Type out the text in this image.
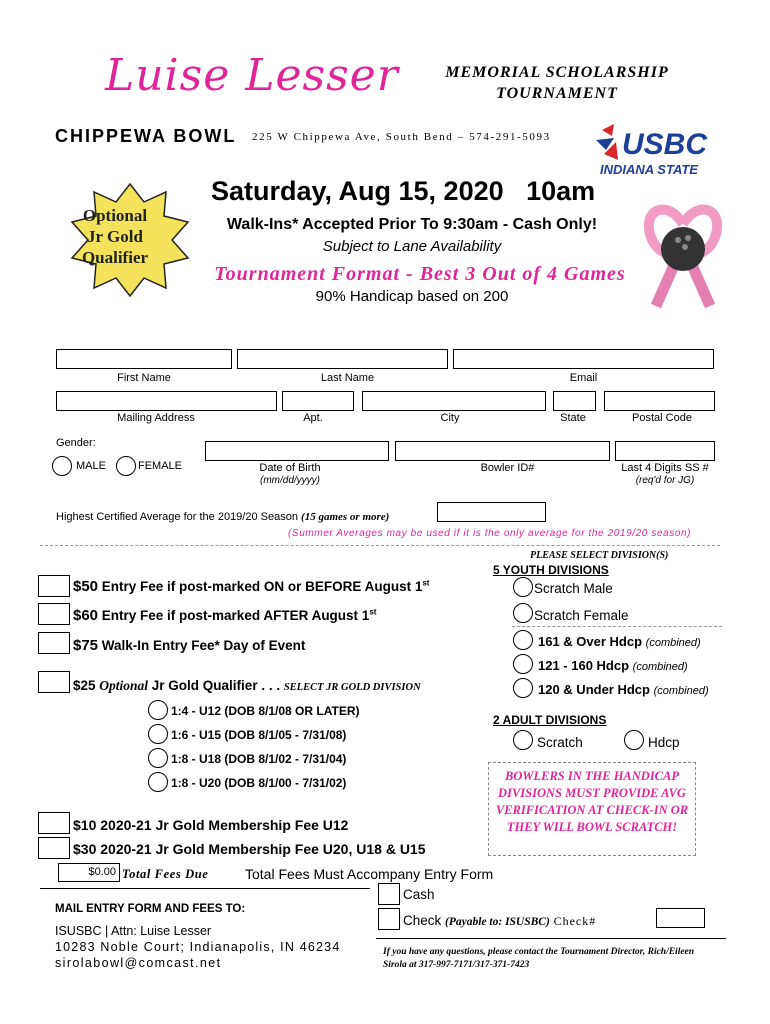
Luise Lesser	MEMORIAL SCHOLARSHIP
TOURNAMENT
CHIPPEWA BOWL 225 W Chippewa Ave, South Bend – 574-291-5093 USBC
INDIANA STATE
Optional
Jr Gold
Qualifier
Saturday, Aug 15, 2020   10am
Walk-Ins* Accepted Prior To 9:30am - Cash Only!
Subject to Lane Availability
Tournament Format - Best 3 Out of 4 Games
90% Handicap based on 200
First Name	Last Name	Email
Mailing Address	Apt.	City	State	Postal Code
Gender:
MALE	FEMALE	Date of Birth
(mm/dd/yyyy)
Bowler ID#	Last 4 Digits SS #
(req'd for JG)
Highest Certified Average for the 2019/20 Season (15 games or more)
(Summer Averages may be used if it is the only average for the 2019/20 season)
$50 Entry Fee if post-marked ON or BEFORE August 1st
$60 Entry Fee if post-marked AFTER August 1st
$75 Walk-In Entry Fee* Day of Event
$25 Optional Jr Gold Qualifier . . . SELECT JR GOLD DIVISION
1:4 - U12 (DOB 8/1/08 OR LATER)
1:6 - U15 (DOB 8/1/05 - 7/31/08)
1:8 - U18 (DOB 8/1/02 - 7/31/04)
1:8 - U20 (DOB 8/1/00 - 7/31/02)
$10 2020-21 Jr Gold Membership Fee U12
$30 2020-21 Jr Gold Membership Fee U20, U18 & U15
$0.00 Total Fees Due	Total Fees Must Accompany Entry Form
Cash
Check (Payable to: ISUSBC) Check#
PLEASE SELECT DIVISION(S)
5 YOUTH DIVISIONS
Scratch Male
Scratch Female
161 & Over Hdcp (combined)
121 - 160 Hdcp (combined)
120 & Under Hdcp (combined)
2 ADULT DIVISIONS
Scratch	Hdcp
BOWLERS IN THE HANDICAP DIVISIONS MUST PROVIDE AVG VERIFICATION AT CHECK-IN OR THEY WILL BOWL SCRATCH!
MAIL ENTRY FORM AND FEES TO:
ISUSBC | Attn: Luise Lesser
10283 Noble Court; Indianapolis, IN 46234
sirolabowl@comcast.net
If you have any questions, please contact the Tournament Director, Rich/Eileen Sirola at 317-997-7171/317-371-7423
